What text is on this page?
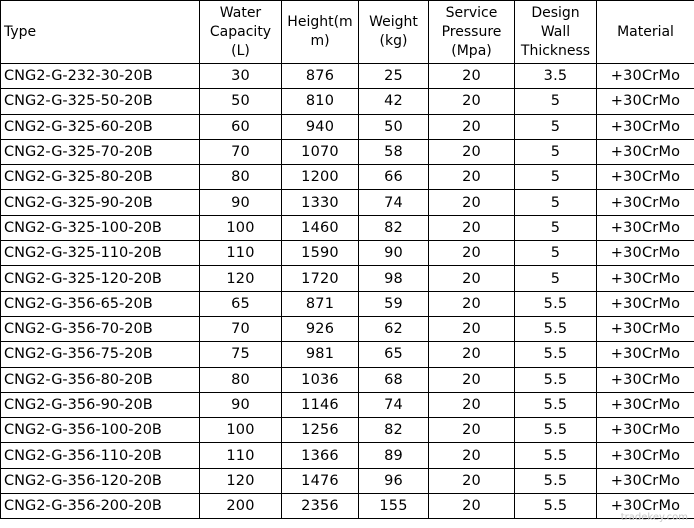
Type	Water Capacity (L)	Height(m m)	Weight (kg)	Service Pressure (Mpa)	Design Wall Thickness	Material
CNG2-G-232-30-20B	30	876	25	20	3.5	+30CrMo
CNG2-G-325-50-20B	50	810	42	20	5	+30CrMo
CNG2-G-325-60-20B	60	940	50	20	5	+30CrMo
CNG2-G-325-70-20B	70	1070	58	20	5	+30CrMo
CNG2-G-325-80-20B	80	1200	66	20	5	+30CrMo
CNG2-G-325-90-20B	90	1330	74	20	5	+30CrMo
CNG2-G-325-100-20B	100	1460	82	20	5	+30CrMo
CNG2-G-325-110-20B	110	1590	90	20	5	+30CrMo
CNG2-G-325-120-20B	120	1720	98	20	5	+30CrMo
CNG2-G-356-65-20B	65	871	59	20	5.5	+30CrMo
CNG2-G-356-70-20B	70	926	62	20	5.5	+30CrMo
CNG2-G-356-75-20B	75	981	65	20	5.5	+30CrMo
CNG2-G-356-80-20B	80	1036	68	20	5.5	+30CrMo
CNG2-G-356-90-20B	90	1146	74	20	5.5	+30CrMo
CNG2-G-356-100-20B	100	1256	82	20	5.5	+30CrMo
CNG2-G-356-110-20B	110	1366	89	20	5.5	+30CrMo
CNG2-G-356-120-20B	120	1476	96	20	5.5	+30CrMo
CNG2-G-356-200-20B	200	2356	155	20	5.5	+30CrMo
tradekey.com
